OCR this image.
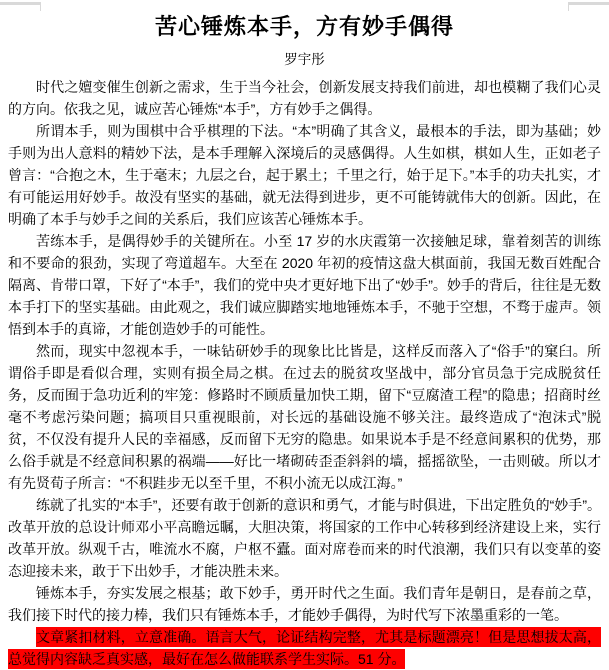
苦心锤炼本手，方有妙手偶得
罗宇彤

时代之嬗变催生创新之需求，生于当今社会，创新发展支持我们前进，却也模糊了我们心灵的方向。依我之见，诚应苦心锤炼“本手”，方有妙手之偶得。

所谓本手，则为围棋中合乎棋理的下法。“本”明确了其含义，最根本的手法，即为基础；妙手则为出人意料的精妙下法，是本手理解入深境后的灵感偶得。人生如棋，棋如人生，正如老子曾言：“合抱之木，生于毫末；九层之台，起于累土；千里之行，始于足下。”本手的功夫扎实，才有可能运用好妙手。故没有坚实的基础，就无法得到进步，更不可能铸就伟大的创新。因此，在明确了本手与妙手之间的关系后，我们应该苦心锤炼本手。

苦练本手，是偶得妙手的关键所在。小至 17 岁的水庆霞第一次接触足球，靠着刻苦的训练和不要命的狠劲，实现了弯道超车。大至在 2020 年初的疫情这盘大棋面前，我国无数百姓配合隔离、肯带口罩，下好了“本手”，我们的党中央才更好地下出了“妙手”。妙手的背后，往往是无数本手打下的坚实基础。由此观之，我们诚应脚踏实地地锤炼本手，不驰于空想，不骛于虚声。领悟到本手的真谛，才能创造妙手的可能性。

然而，现实中忽视本手，一味钻研妙手的现象比比皆是，这样反而落入了“俗手”的窠臼。所谓俗手即是看似合理，实则有损全局之棋。在过去的脱贫攻坚战中，部分官员急于完成脱贫任务，反而囿于急功近利的牢笼：修路时不顾质量加快工期，留下“豆腐渣工程”的隐患；招商时丝毫不考虑污染问题；搞项目只重视眼前，对长远的基础设施不够关注。最终造成了“泡沫式”脱贫，不仅没有提升人民的幸福感，反而留下无穷的隐患。如果说本手是不经意间累积的优势，那么俗手就是不经意间积累的祸端——好比一堵砌砖歪歪斜斜的墙，摇摇欲坠，一击则破。所以才有先贤荀子所言：“不积跬步无以至千里，不积小流无以成江海。”

练就了扎实的“本手”，还要有敢于创新的意识和勇气，才能与时俱进，下出定胜负的“妙手”。改革开放的总设计师邓小平高瞻远瞩，大胆决策，将国家的工作中心转移到经济建设上来，实行改革开放。纵观千古，唯流水不腐，户枢不蠹。面对席卷而来的时代浪潮，我们只有以变革的姿态迎接未来，敢于下出妙手，才能决胜未来。

锤炼本手，夯实发展之根基；敢下妙手，勇开时代之生面。我们青年是朝日，是春前之草，我们接下时代的接力棒，我们只有锤炼本手，才能妙手偶得，为时代写下浓墨重彩的一笔。

文章紧扣材料，立意准确。语言大气，论证结构完整，尤其是标题漂亮！但是思想拔太高，总觉得内容缺乏真实感，最好在怎么做能联系学生实际。51 分。
